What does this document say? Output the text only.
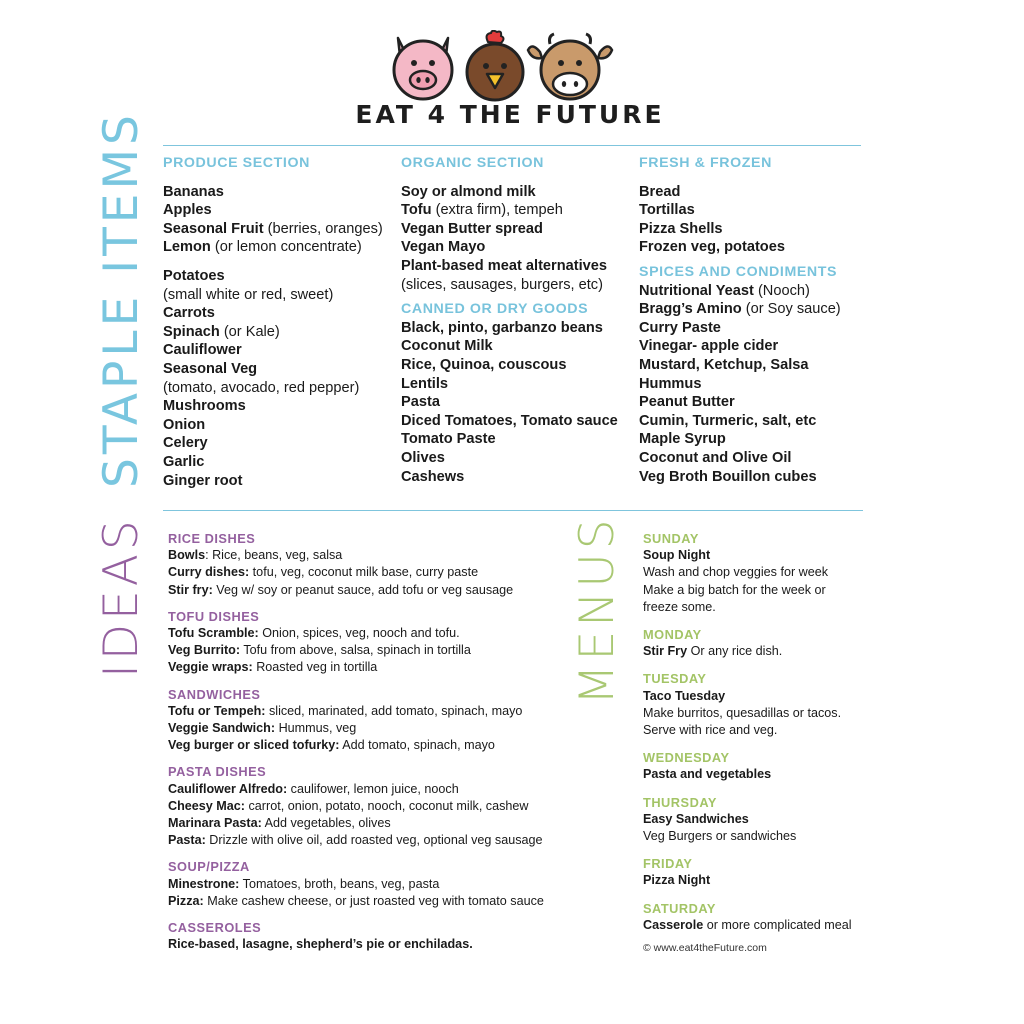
EAT 4 THE FUTURE
STAPLE ITEMS
IDEAS	MENUS
PRODUCE SECTION
Bananas
Apples
Seasonal Fruit (berries, oranges)
Lemon (or lemon concentrate)
Potatoes
(small white or red, sweet)
Carrots
Spinach (or Kale)
Cauliflower
Seasonal Veg
(tomato, avocado, red pepper)
Mushrooms
Onion
Celery
Garlic
Ginger root
ORGANIC SECTION
Soy or almond milk
Tofu (extra firm), tempeh
Vegan Butter spread
Vegan Mayo
Plant-based meat alternatives
(slices, sausages, burgers, etc)
CANNED OR DRY GOODS
Black, pinto, garbanzo beans
Coconut Milk
Rice, Quinoa, couscous
Lentils
Pasta
Diced Tomatoes, Tomato sauce
Tomato Paste
Olives
Cashews
FRESH & FROZEN
Bread
Tortillas
Pizza Shells
Frozen veg, potatoes
SPICES AND CONDIMENTS
Nutritional Yeast (Nooch)
Bragg’s Amino (or Soy sauce)
Curry Paste
Vinegar- apple cider
Mustard, Ketchup, Salsa
Hummus
Peanut Butter
Cumin, Turmeric, salt, etc
Maple Syrup
Coconut and Olive Oil
Veg Broth Bouillon cubes
RICE DISHES
Bowls: Rice, beans, veg, salsa
Curry dishes: tofu, veg, coconut milk base, curry paste
Stir fry: Veg w/ soy or peanut sauce, add tofu or veg sausage
TOFU DISHES
Tofu Scramble: Onion, spices, veg, nooch and tofu.
Veg Burrito: Tofu from above, salsa, spinach in tortilla
Veggie wraps: Roasted veg in tortilla
SANDWICHES
Tofu or Tempeh: sliced, marinated, add tomato, spinach, mayo
Veggie Sandwich: Hummus, veg
Veg burger or sliced tofurky: Add tomato, spinach, mayo
PASTA DISHES
Cauliflower Alfredo: caulifower, lemon juice, nooch
Cheesy Mac: carrot, onion, potato, nooch, coconut milk, cashew
Marinara Pasta: Add vegetables, olives
Pasta: Drizzle with olive oil, add roasted veg, optional veg sausage
SOUP/PIZZA
Minestrone: Tomatoes, broth, beans, veg, pasta
Pizza: Make cashew cheese, or just roasted veg with tomato sauce
CASSEROLES
Rice-based, lasagne, shepherd’s pie or enchiladas.
SUNDAY
Soup Night
Wash and chop veggies for week
Make a big batch for the week or
freeze some.
MONDAY
Stir Fry Or any rice dish.
TUESDAY
Taco Tuesday
Make burritos, quesadillas or tacos.
Serve with rice and veg.
WEDNESDAY
Pasta and vegetables
THURSDAY
Easy Sandwiches
Veg Burgers or sandwiches
FRIDAY
Pizza Night
SATURDAY
Casserole or more complicated meal
© www.eat4theFuture.com
